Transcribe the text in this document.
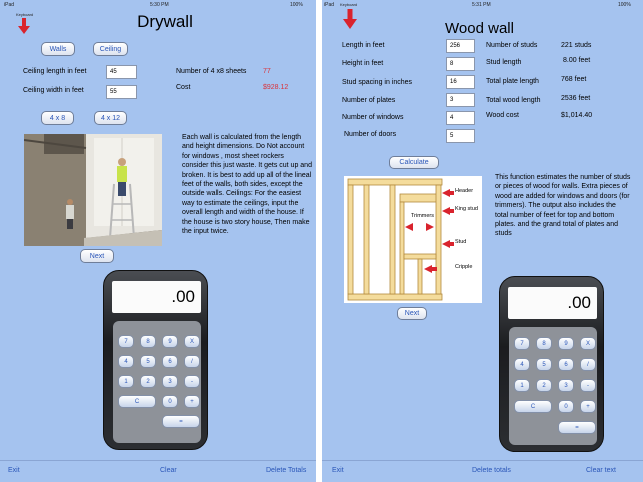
iPad	5:30 PM	100%
Keyboard	Drywall
Walls	Ceiling
Ceiling length in feet	45
Ceiling width in feet	55
Number of 4 x8 sheets 77
Cost	$928.12
4 x 8	4 x 12
Each wall is calculated from the length and height dimensions. Do Not account for windows , most sheet rockers consider this just waste. It gets cut up and broken. It is best to add up all of the lineal feet of the walls, both sides, except the outside walls. Ceilings: For the easiest way to estimate the ceilings, input the overall length and width of the house. If the house is two story house, Then make the input twice.
Next
.00
7	8	9	X
4	5	6	/
1	2	3	-
C	0	+
=
Exit	Clear	Delete Totals
iPad	5:31 PM	100%
Keyboard
Wood wall
Length in feet	256
Height in feet	8
Stud spacing in inches	16
Number of plates	3
Number of windows	4
Number of doors	5
Number of studs	221 studs
Stud length	8.00 feet
Total plate length	768 feet
Total wood length	2536 feet
Wood cost	$1,014.40
Calculate
Header
King stud
Trimmers
Stud
Cripple
This function estimates the number of studs or pieces of wood for walls. Extra pieces of wood are added for windows and doors (for trimmers). The output also includes the total number of feet for top and bottom plates. and the grand total of plates and studs
Next
.00
7	8	9	X
4	5	6	/
1	2	3	-
C	0	+
=
Exit	Delete totals	Clear text
